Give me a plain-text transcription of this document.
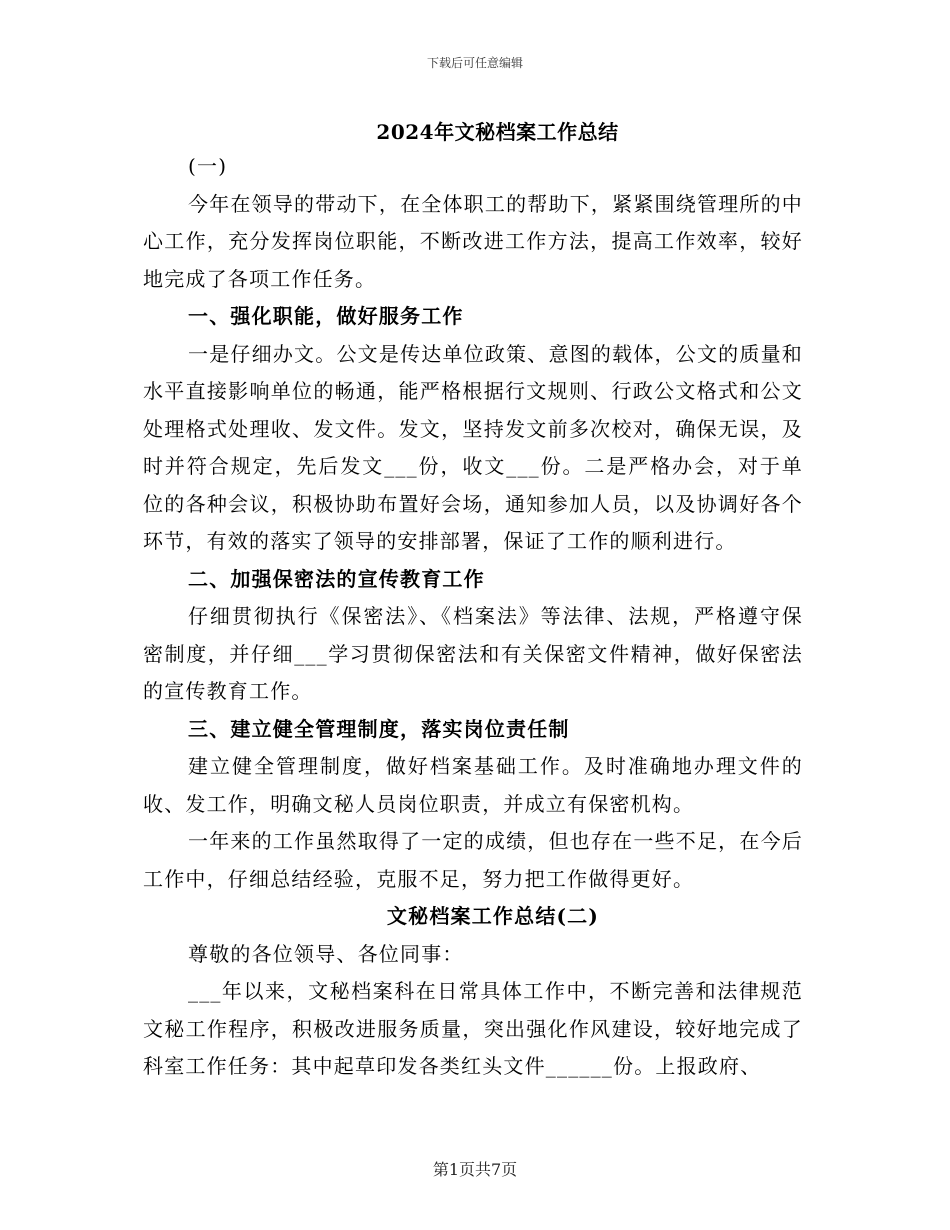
下载后可任意编辑
2024年文秘档案工作总结

(一)

今年在领导的带动下，在全体职工的帮助下，紧紧围绕管理所的中心工作，充分发挥岗位职能，不断改进工作方法，提高工作效率，较好地完成了各项工作任务。

一、强化职能，做好服务工作

一是仔细办文。公文是传达单位政策、意图的载体，公文的质量和水平直接影响单位的畅通，能严格根据行文规则、行政公文格式和公文处理格式处理收、发文件。发文，坚持发文前多次校对，确保无误，及时并符合规定，先后发文___份，收文___份。二是严格办会，对于单位的各种会议，积极协助布置好会场，通知参加人员，以及协调好各个环节，有效的落实了领导的安排部署，保证了工作的顺利进行。

二、加强保密法的宣传教育工作

仔细贯彻执行《保密法》、《档案法》等法律、法规，严格遵守保密制度，并仔细___学习贯彻保密法和有关保密文件精神，做好保密法的宣传教育工作。

三、建立健全管理制度，落实岗位责任制

建立健全管理制度，做好档案基础工作。及时准确地办理文件的收、发工作，明确文秘人员岗位职责，并成立有保密机构。

一年来的工作虽然取得了一定的成绩，但也存在一些不足，在今后工作中，仔细总结经验，克服不足，努力把工作做得更好。

文秘档案工作总结(二)

尊敬的各位领导、各位同事：

___年以来，文秘档案科在日常具体工作中，不断完善和法律规范文秘工作程序，积极改进服务质量，突出强化作风建设，较好地完成了科室工作任务：其中起草印发各类红头文件______份。上报政府、

第1页共7页
